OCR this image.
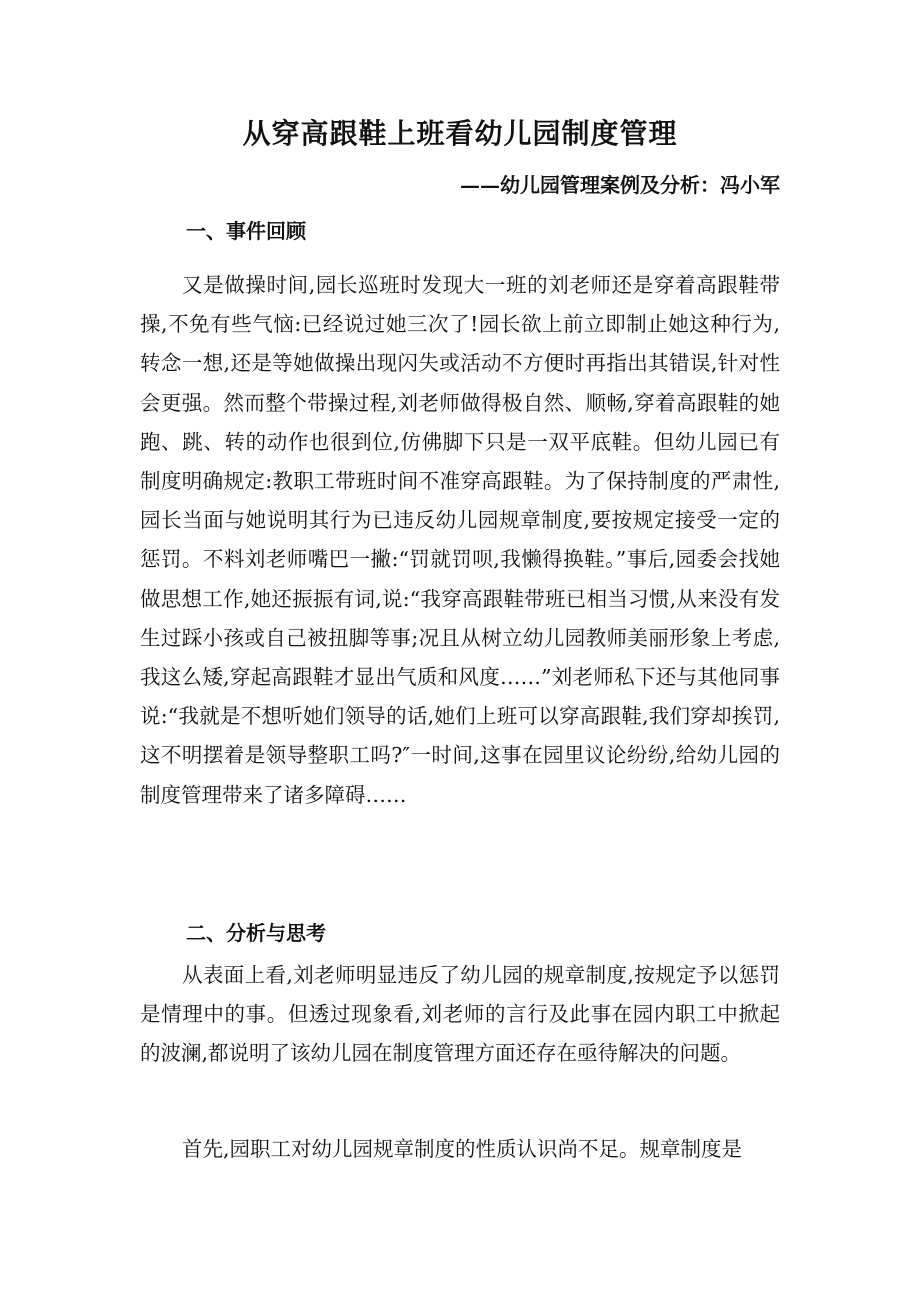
从穿高跟鞋上班看幼儿园制度管理
——幼儿园管理案例及分析：冯小军
一、事件回顾

又是做操时间,园长巡班时发现大一班的刘老师还是穿着高跟鞋带操,不免有些气恼:已经说过她三次了!园长欲上前立即制止她这种行为,转念一想,还是等她做操出现闪失或活动不方便时再指出其错误,针对性会更强。然而整个带操过程,刘老师做得极自然、顺畅,穿着高跟鞋的她跑、跳、转的动作也很到位,仿佛脚下只是一双平底鞋。但幼儿园已有制度明确规定:教职工带班时间不准穿高跟鞋。为了保持制度的严肃性,园长当面与她说明其行为已违反幼儿园规章制度,要按规定接受一定的惩罚。不料刘老师嘴巴一撇:“罚就罚呗,我懒得换鞋。”事后,园委会找她做思想工作,她还振振有词,说:“我穿高跟鞋带班已相当习惯,从来没有发生过踩小孩或自己被扭脚等事;况且从树立幼儿园教师美丽形象上考虑,我这么矮,穿起高跟鞋才显出气质和风度……”刘老师私下还与其他同事说:“我就是不想听她们领导的话,她们上班可以穿高跟鞋,我们穿却挨罚,这不明摆着是领导整职工吗?″一时间,这事在园里议论纷纷,给幼儿园的制度管理带来了诸多障碍……

二、分析与思考

从表面上看,刘老师明显违反了幼儿园的规章制度,按规定予以惩罚是情理中的事。但透过现象看,刘老师的言行及此事在园内职工中掀起的波澜,都说明了该幼儿园在制度管理方面还存在亟待解决的问题。

首先,园职工对幼儿园规章制度的性质认识尚不足。规章制度是
